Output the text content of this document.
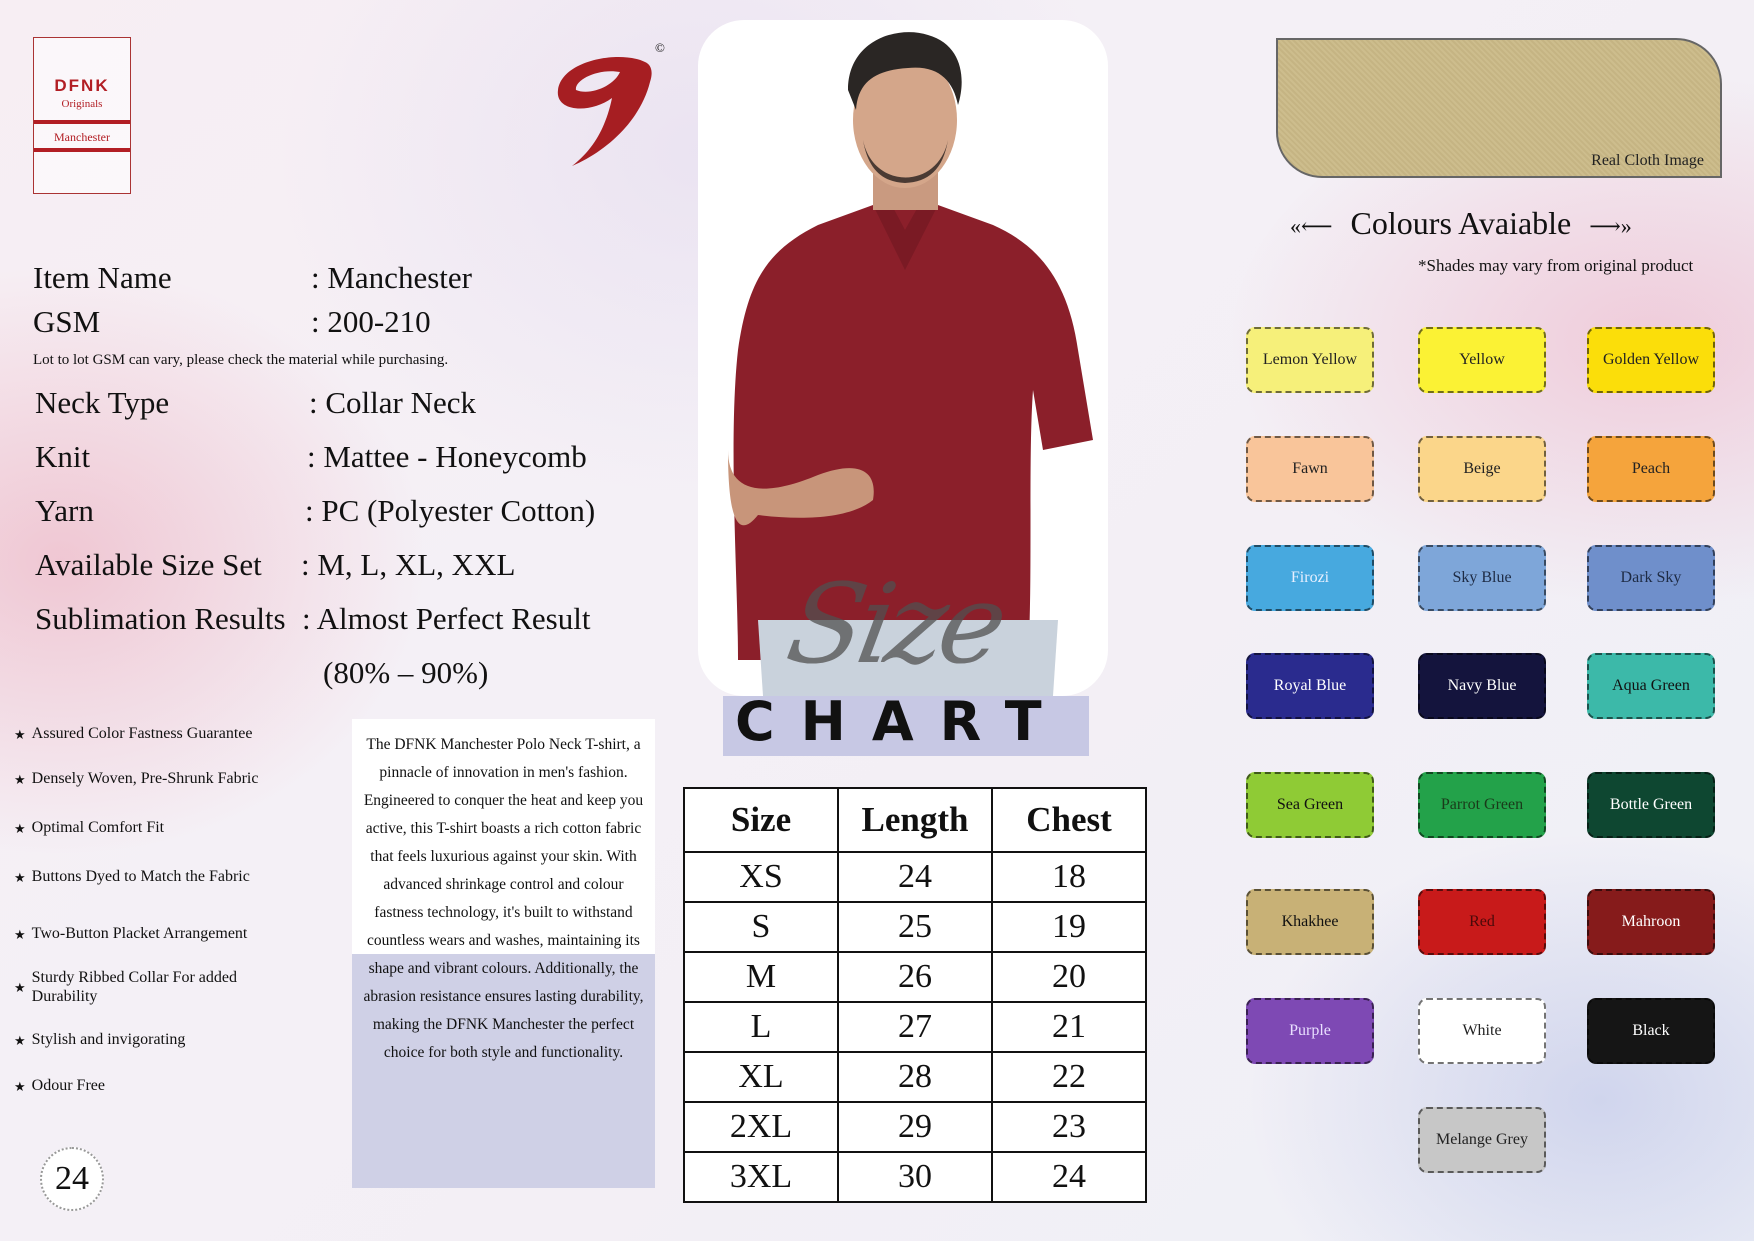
DFNK
Originals
Manchester
©
Item Name	: Manchester
GSM	: 200-210
Lot to lot GSM can vary, please check the material while purchasing.
Neck Type	: Collar Neck
Knit	: Mattee - Honeycomb
Yarn	: PC (Polyester Cotton)
Available Size Set : M, L, XL, XXL
Sublimation Results : Almost Perfect Result
(80% – 90%)
★ Assured Color Fastness Guarantee
★ Densely Woven, Pre-Shrunk Fabric
★ Optimal Comfort Fit
★ Buttons Dyed to Match the Fabric
★ Two-Button Placket Arrangement
★
Sturdy Ribbed Collar For added Durability
★ Stylish and invigorating
★ Odour Free
The DFNK Manchester Polo Neck T-shirt, a pinnacle of innovation in men's fashion. Engineered to conquer the heat and keep you active, this T-shirt boasts a rich cotton fabric that feels luxurious against your skin. With advanced shrinkage control and colour fastness technology, it's built to withstand countless wears and washes, maintaining its shape and vibrant colours. Additionally, the abrasion resistance ensures lasting durability, making the DFNK Manchester the perfect choice for both style and functionality.
24
Size
CHART
Size	Length	Chest
XS	24	18
S	25	19
M	26	20
L	27	21
XL	28	22
2XL	29	23
3XL	30	24
Real Cloth Image
«⟵ Colours Avaiable ⟶»
*Shades may vary from original product
Lemon Yellow	Yellow	Golden Yellow
Fawn	Beige	Peach
Firozi	Sky Blue	Dark Sky
Royal Blue	Navy Blue	Aqua Green
Sea Green	Parrot Green	Bottle Green
Khakhee	Red	Mahroon
Purple	White	Black
Melange Grey
